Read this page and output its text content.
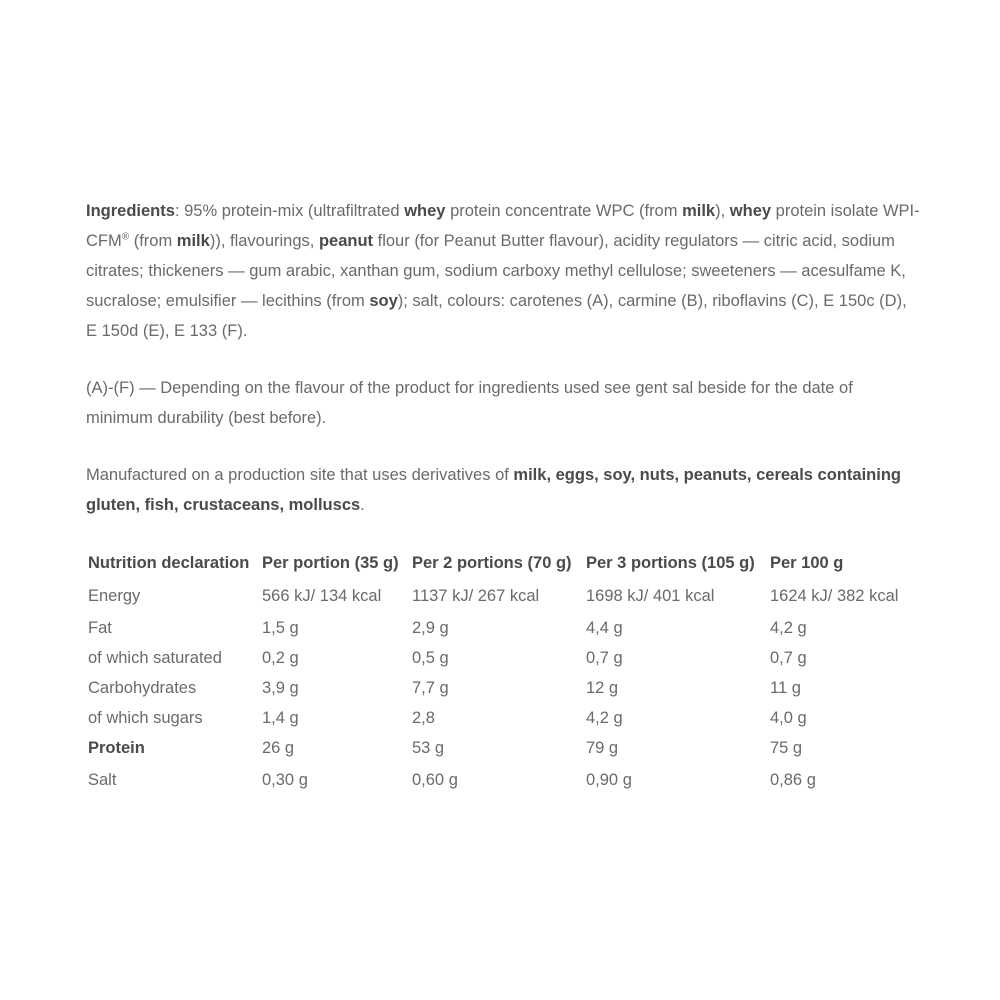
Ingredients: 95% protein-mix (ultrafiltrated whey protein concentrate WPC (from milk), whey protein isolate WPI-CFM® (from milk)), flavourings, peanut flour (for Peanut Butter flavour), acidity regulators — citric acid, sodium citrates; thickeners — gum arabic, xanthan gum, sodium carboxy methyl cellulose; sweeteners — acesulfame K, sucralose; emulsifier — lecithins (from soy); salt, colours: carotenes (A), carmine (B), riboflavins (C), E 150c (D), E 150d (E), E 133 (F).

(A)-(F) — Depending on the flavour of the product for ingredients used see gent sal beside for the date of minimum durability (best before).

Manufactured on a production site that uses derivatives of milk, eggs, soy, nuts, peanuts, cereals containing gluten, fish, crustaceans, molluscs.

Nutrition declaration	Per portion (35 g)	Per 2 portions (70 g)	Per 3 portions (105 g)	Per 100 g
Energy	566 kJ/ 134 kcal	1137 kJ/ 267 kcal	1698 kJ/ 401 kcal	1624 kJ/ 382 kcal
Fat	1,5 g	2,9 g	4,4 g	4,2 g
of which saturated	0,2 g	0,5 g	0,7 g	0,7 g
Carbohydrates	3,9 g	7,7 g	12 g	11 g
of which sugars	1,4 g	2,8	4,2 g	4,0 g
Protein	26 g	53 g	79 g	75 g
Salt	0,30 g	0,60 g	0,90 g	0,86 g
